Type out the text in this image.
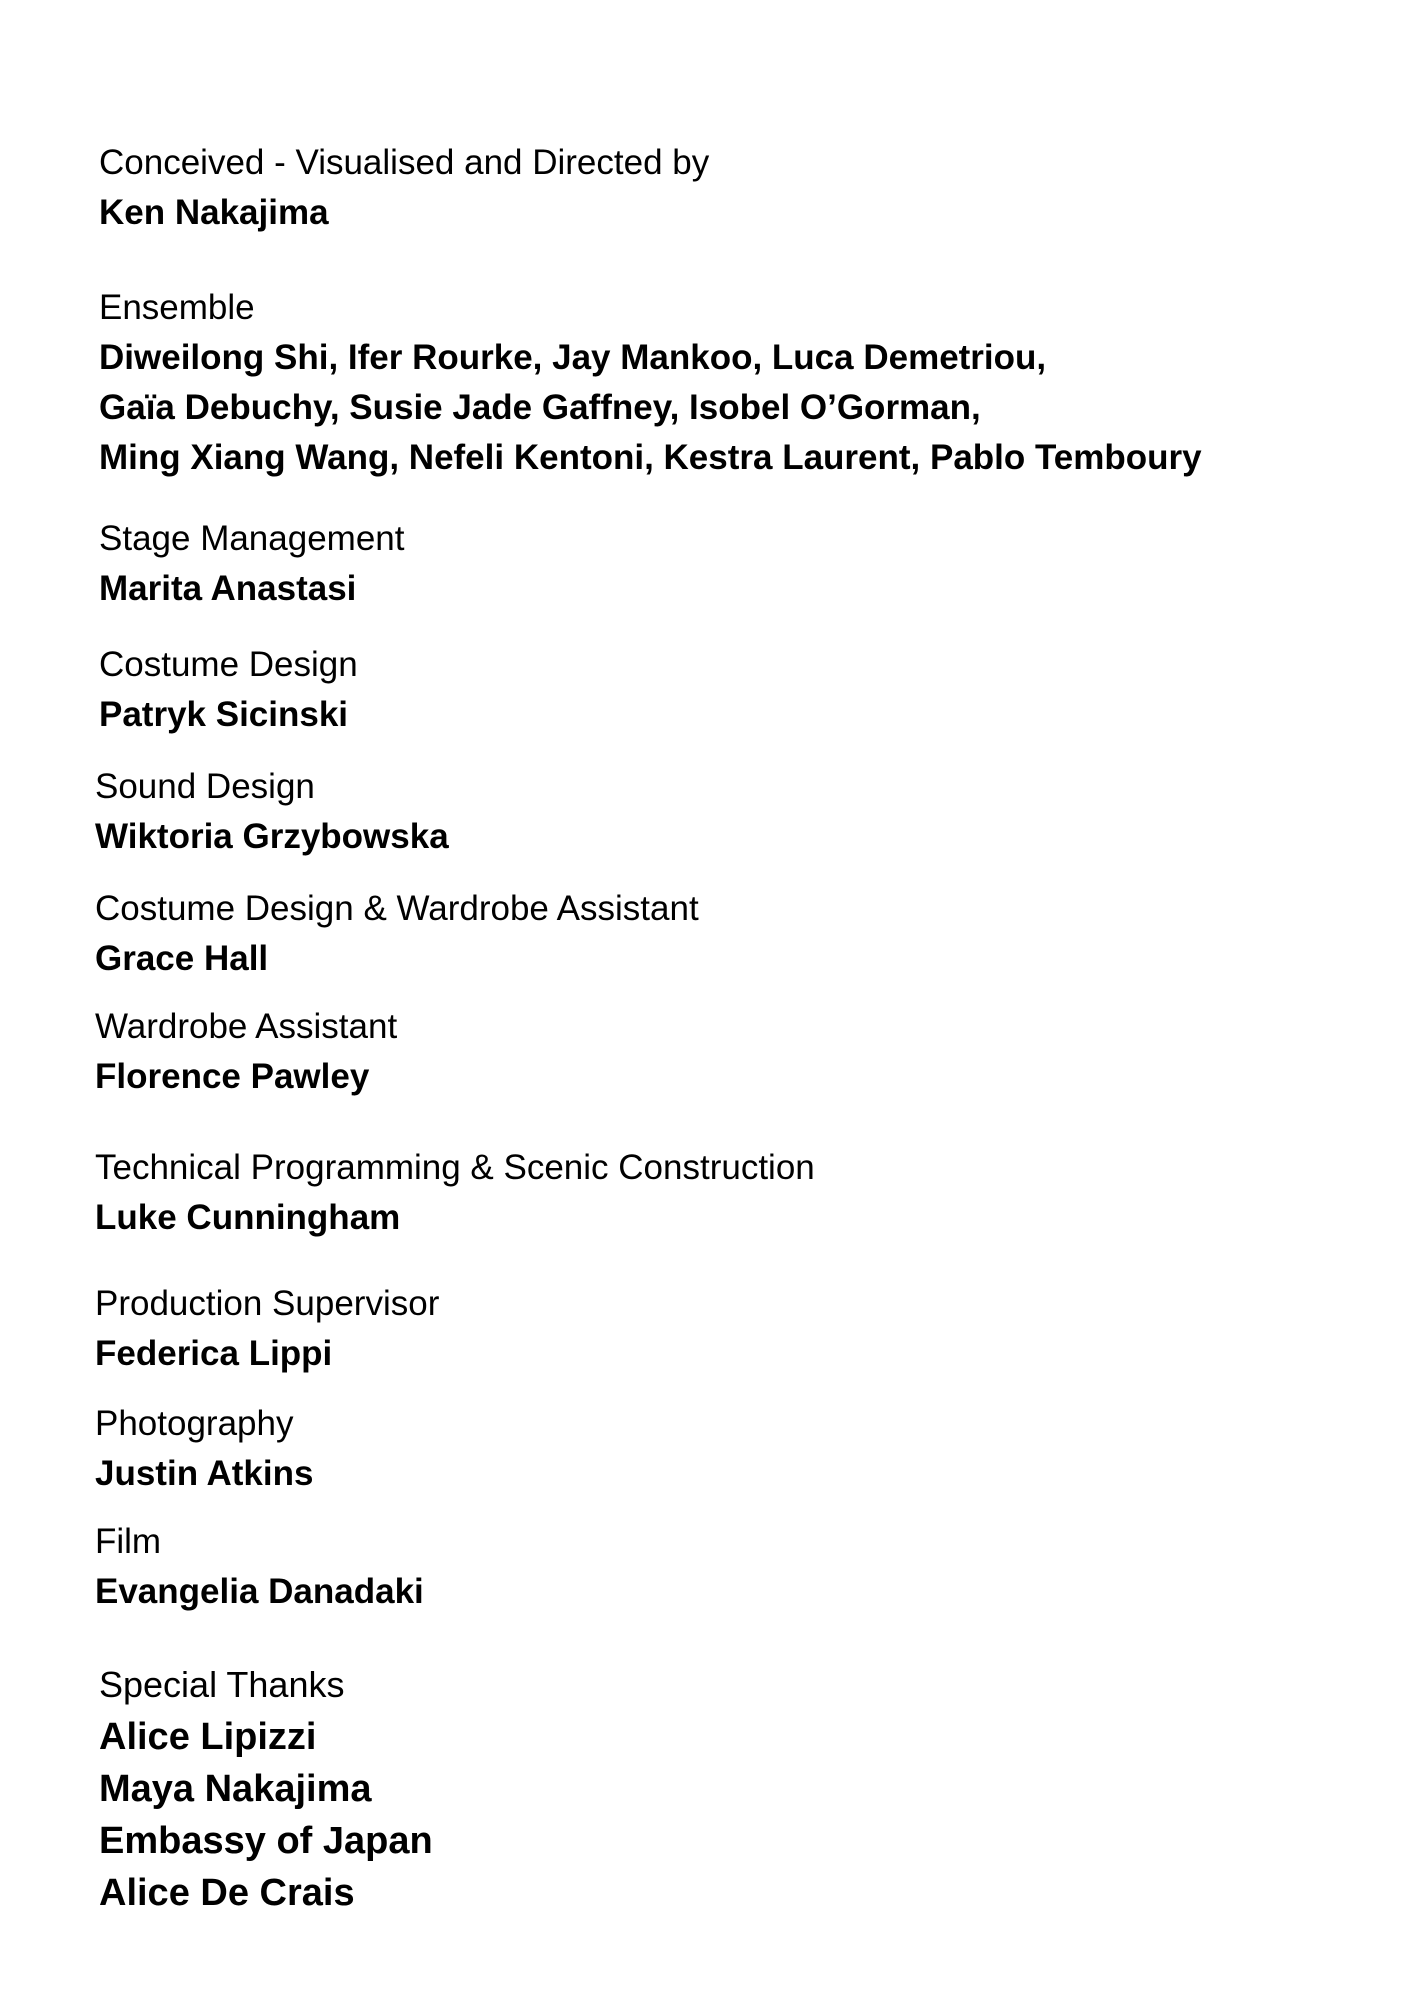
Conceived - Visualised and Directed by
Ken Nakajima
Ensemble
Diweilong Shi, Ifer Rourke, Jay Mankoo, Luca Demetriou,
Gaïa Debuchy, Susie Jade Gaffney, Isobel O’Gorman,
Ming Xiang Wang, Nefeli Kentoni, Kestra Laurent, Pablo Temboury
Stage Management
Marita Anastasi
Costume Design
Patryk Sicinski
Sound Design
Wiktoria Grzybowska
Costume Design & Wardrobe Assistant
Grace Hall
Wardrobe Assistant
Florence Pawley
Technical Programming & Scenic Construction
Luke Cunningham
Production Supervisor
Federica Lippi
Photography
Justin Atkins
Film
Evangelia Danadaki
Special Thanks
Alice Lipizzi
Maya Nakajima
Embassy of Japan
Alice De Crais
